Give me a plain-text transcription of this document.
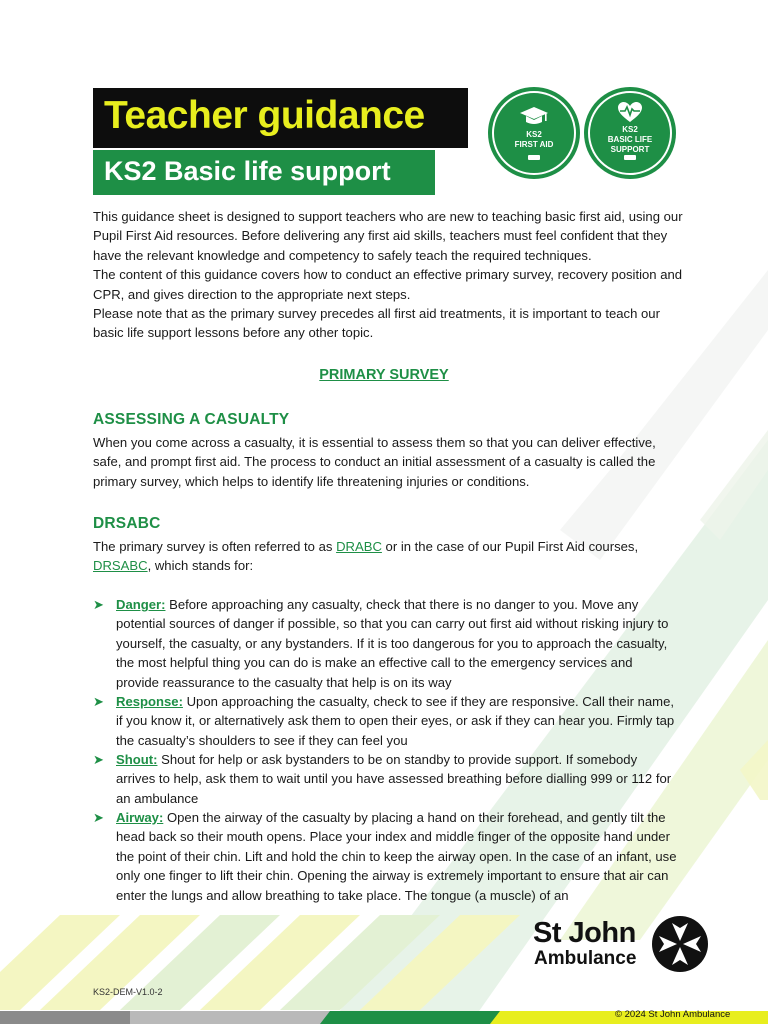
Teacher guidance
KS2 Basic life support
KS2
FIRST AID
KS2
BASIC LIFE
SUPPORT

This guidance sheet is designed to support teachers who are new to teaching basic first aid, using our Pupil First Aid resources. Before delivering any first aid skills, teachers must feel confident that they have the relevant knowledge and competency to safely teach the required techniques.

The content of this guidance covers how to conduct an effective primary survey, recovery position and CPR, and gives direction to the appropriate next steps.

Please note that as the primary survey precedes all first aid treatments, it is important to teach our basic life support lessons before any other topic.

PRIMARY SURVEY
ASSESSING A CASUALTY
When you come across a casualty, it is essential to assess them so that you can deliver effective, safe, and prompt first aid. The process to conduct an initial assessment of a casualty is called the primary survey, which helps to identify life threatening injuries or conditions.
DRSABC
The primary survey is often referred to as DRABC or in the case of our Pupil First Aid courses,
DRSABC, which stands for:
➤ Danger: Before approaching any casualty, check that there is no danger to you. Move any potential sources of danger if possible, so that you can carry out first aid without risking injury to yourself, the casualty, or any bystanders. If it is too dangerous for you to approach the casualty, the most helpful thing you can do is make an effective call to the emergency services and provide reassurance to the casualty that help is on its way
➤ Response: Upon approaching the casualty, check to see if they are responsive. Call their name, if you know it, or alternatively ask them to open their eyes, or ask if they can hear you. Firmly tap the casualty’s shoulders to see if they can feel you
➤ Shout: Shout for help or ask bystanders to be on standby to provide support. If somebody arrives to help, ask them to wait until you have assessed breathing before dialling 999 or 112 for an ambulance
➤ Airway: Open the airway of the casualty by placing a hand on their forehead, and gently tilt the head back so their mouth opens. Place your index and middle finger of the opposite hand under the point of their chin. Lift and hold the chin to keep the airway open. In the case of an infant, use only one finger to lift their chin. Opening the airway is extremely important to ensure that air can enter the lungs and allow breathing to take place. The tongue (a muscle) of an
St John
Ambulance
KS2-DEM-V1.0-2
© 2024 St John Ambulance
